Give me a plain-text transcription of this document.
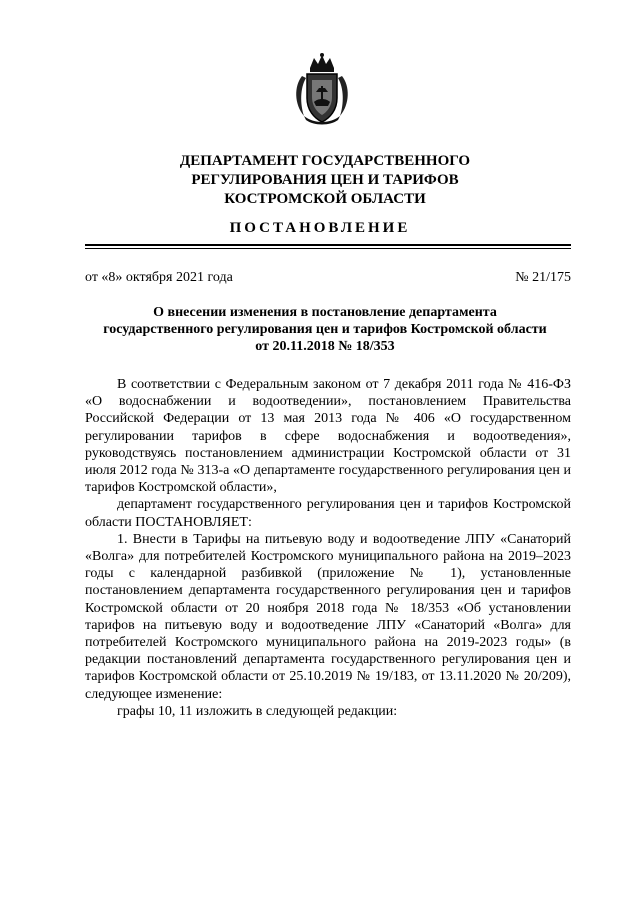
ДЕПАРТАМЕНТ ГОСУДАРСТВЕННОГО
РЕГУЛИРОВАНИЯ ЦЕН И ТАРИФОВ
КОСТРОМСКОЙ ОБЛАСТИ
ПОСТАНОВЛЕНИЕ
от «8» октября 2021 года	№ 21/175
О внесении изменения в постановление департамента
государственного регулирования цен и тарифов Костромской области
от 20.11.2018 № 18/353

В соответствии с Федеральным законом от 7 декабря 2011 года № 416-ФЗ «О водоснабжении и водоотведении», постановлением Правительства Российской Федерации от 13 мая 2013 года № 406 «О государственном регулировании тарифов в сфере водоснабжения и водоотведения», руководствуясь постановлением администрации Костромской области от 31 июля 2012 года № 313-а «О департаменте государственного регулирования цен и тарифов Костромской области»,

департамент государственного регулирования цен и тарифов Костромской области ПОСТАНОВЛЯЕТ:

1. Внести в Тарифы на питьевую воду и водоотведение ЛПУ «Санаторий «Волга» для потребителей Костромского муниципального района на 2019–2023 годы с календарной разбивкой (приложение № 1), установленные постановлением департамента государственного регулирования цен и тарифов Костромской области от 20 ноября 2018 года № 18/353 «Об установлении тарифов на питьевую воду и водоотведение ЛПУ «Санаторий «Волга» для потребителей Костромского муниципального района на 2019-2023 годы» (в редакции постановлений департамента государственного регулирования цен и тарифов Костромской области от 25.10.2019 № 19/183, от 13.11.2020 № 20/209), следующее изменение:

графы 10, 11 изложить в следующей редакции:
